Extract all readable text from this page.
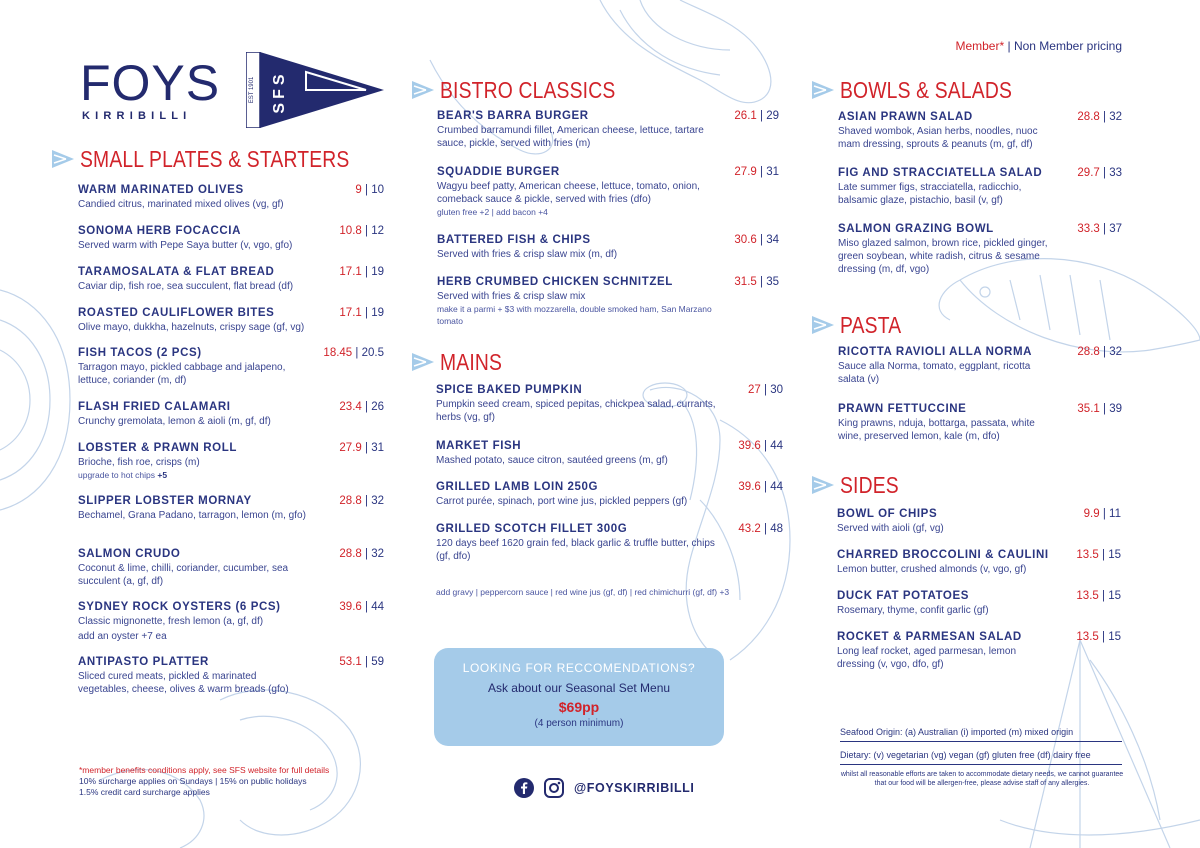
FOYS
KIRRIBILLI
EST 1901 SFS
Member* | Non Member pricing
SMALL PLATES & STARTERS
WARM MARINATED OLIVES	9 | 10
Candied citrus, marinated mixed olives (vg, gf)
SONOMA HERB FOCACCIA	10.8 | 12
Served warm with Pepe Saya butter (v, vgo, gfo)
TARAMOSALATA & FLAT BREAD	17.1 | 19
Caviar dip, fish roe, sea succulent, flat bread (df)
ROASTED CAULIFLOWER BITES	17.1 | 19
Olive mayo, dukkha, hazelnuts, crispy sage (gf, vg)
FISH TACOS (2 PCS)	18.45 | 20.5
Tarragon mayo, pickled cabbage and jalapeno, lettuce, coriander (m, df)
FLASH FRIED CALAMARI	23.4 | 26
Crunchy gremolata, lemon & aioli (m, gf, df)
LOBSTER & PRAWN ROLL	27.9 | 31
Brioche, fish roe, crisps (m)
upgrade to hot chips +5
SLIPPER LOBSTER MORNAY	28.8 | 32
Bechamel, Grana Padano, tarragon, lemon (m, gfo)
SALMON CRUDO	28.8 | 32
Coconut & lime, chilli, coriander, cucumber, sea succulent (a, gf, df)
SYDNEY ROCK OYSTERS (6 PCS)	39.6 | 44
Classic mignonette, fresh lemon (a, gf, df)
add an oyster +7 ea
ANTIPASTO PLATTER	53.1 | 59
Sliced cured meats, pickled & marinated vegetables, cheese, olives & warm breads (gfo)
BISTRO CLASSICS
BEAR'S BARRA BURGER	26.1 | 29
Crumbed barramundi fillet, American cheese, lettuce, tartare sauce, pickle, served with fries (m)
SQUADDIE BURGER	27.9 | 31
Wagyu beef patty, American cheese, lettuce, tomato, onion, comeback sauce & pickle, served with fries (dfo)
gluten free +2 | add bacon +4
BATTERED FISH & CHIPS	30.6 | 34
Served with fries & crisp slaw mix (m, df)
HERB CRUMBED CHICKEN SCHNITZEL	31.5 | 35
Served with fries & crisp slaw mix
make it a parmi + $3 with mozzarella, double smoked ham, San Marzano tomato
MAINS
SPICE BAKED PUMPKIN	27 | 30
Pumpkin seed cream, spiced pepitas, chickpea salad, currants, herbs (vg, gf)
MARKET FISH	39.6 | 44
Mashed potato, sauce citron, sautéed greens (m, gf)
GRILLED LAMB LOIN 250G	39.6 | 44
Carrot purée, spinach, port wine jus, pickled peppers (gf)
GRILLED SCOTCH FILLET 300G	43.2 | 48
120 days beef 1620 grain fed, black garlic & truffle butter, chips (gf, dfo)
BOWLS & SALADS
ASIAN PRAWN SALAD	28.8 | 32
Shaved wombok, Asian herbs, noodles, nuoc mam dressing, sprouts & peanuts (m, gf, df)
FIG AND STRACCIATELLA SALAD	29.7 | 33
Late summer figs, stracciatella, radicchio, balsamic glaze, pistachio, basil (v, gf)
SALMON GRAZING BOWL	33.3 | 37
Miso glazed salmon, brown rice, pickled ginger, green soybean, white radish, citrus & sesame dressing (m, df, vgo)
PASTA
RICOTTA RAVIOLI ALLA NORMA	28.8 | 32
Sauce alla Norma, tomato, eggplant, ricotta salata (v)
PRAWN FETTUCCINE	35.1 | 39
King prawns, nduja, bottarga, passata, white wine, preserved lemon, kale (m, dfo)
SIDES
BOWL OF CHIPS	9.9 | 11
Served with aioli (gf, vg)
CHARRED BROCCOLINI & CAULINI 13.5 | 15
Lemon butter, crushed almonds (v, vgo, gf)
DUCK FAT POTATOES	13.5 | 15
Rosemary, thyme, confit garlic (gf)
ROCKET & PARMESAN SALAD	13.5 | 15
Long leaf rocket, aged parmesan, lemon dressing (v, vgo, dfo, gf)
add gravy | peppercorn sauce | red wine jus (gf, df) | red chimichurri (gf, df) +3
LOOKING FOR RECCOMENDATIONS?
Ask about our Seasonal Set Menu
$69pp
(4 person minimum)
@FOYSKIRRIBILLI
*member benefits conditions apply, see SFS website for full details
10% surcharge applies on Sundays | 15% on public holidays
1.5% credit card surcharge applies
Seafood Origin: (a) Australian (i) imported (m) mixed origin
Dietary: (v) vegetarian (vg) vegan (gf) gluten free (df) dairy free
whilst all reasonable efforts are taken to accommodate dietary needs, we cannot guarantee that our food will be allergen-free, please advise staff of any allergies.
